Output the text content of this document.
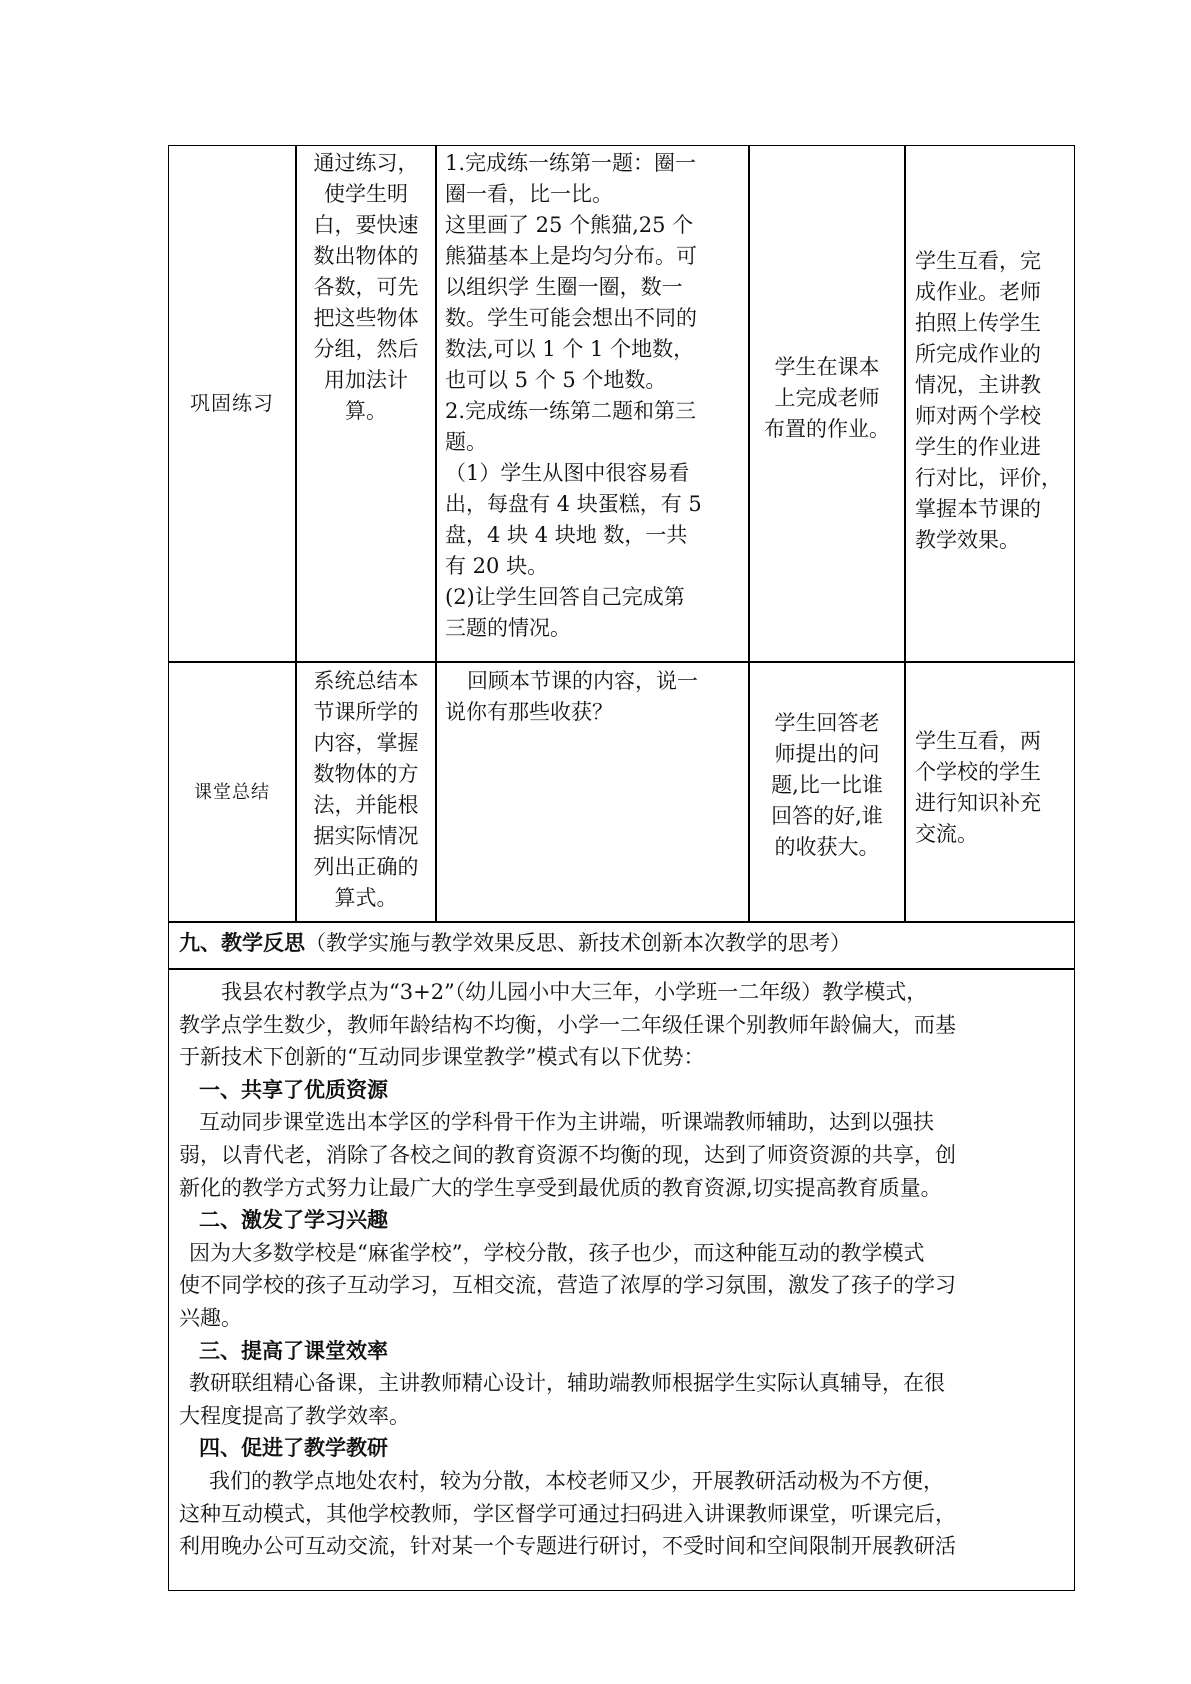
巩固练习
通过练习，
使学生明
白，要快速
数出物体的
各数，可先
把这些物体
分组，然后
用加法计
算。
1.完成练一练第一题：圈一
圈一看，比一比。
这里画了 25 个熊猫,25 个
熊猫基本上是均匀分布。可
以组织学 生圈一圈，数一
数。学生可能会想出不同的
数法,可以 1 个 1 个地数，
也可以 5 个 5 个地数。
2.完成练一练第二题和第三
题。
（1）学生从图中很容易看
出，每盘有 4 块蛋糕，有 5
盘，4 块 4 块地 数，一共
有 20 块。
(2)让学生回答自己完成第
三题的情况。
学生在课本
上完成老师
布置的作业。
学生互看，完
成作业。老师
拍照上传学生
所完成作业的
情况，主讲教
师对两个学校
学生的作业进
行对比，评价，
掌握本节课的
教学效果。
课堂总结
系统总结本
节课所学的
内容，掌握
数物体的方
法，并能根
据实际情况
列出正确的
算式。
回顾本节课的内容，说一
说你有那些收获？	学生回答老
师提出的问
题,比一比谁
回答的好,谁
的收获大。
学生互看，两
个学校的学生
进行知识补充
交流。
九、教学反思（教学实施与教学效果反思、新技术创新本次教学的思考）
我县农村教学点为“3+2”（幼儿园小中大三年，小学班一二年级）教学模式，
教学点学生数少，教师年龄结构不均衡，小学一二年级任课个别教师年龄偏大，而基
于新技术下创新的“互动同步课堂教学”模式有以下优势：
一、共享了优质资源
互动同步课堂选出本学区的学科骨干作为主讲端，听课端教师辅助，达到以强扶
弱，以青代老，消除了各校之间的教育资源不均衡的现，达到了师资资源的共享，创
新化的教学方式努力让最广大的学生享受到最优质的教育资源,切实提高教育质量。
二、激发了学习兴趣
因为大多数学校是“麻雀学校”，学校分散，孩子也少，而这种能互动的教学模式
使不同学校的孩子互动学习，互相交流，营造了浓厚的学习氛围，激发了孩子的学习
兴趣。
三、提高了课堂效率
教研联组精心备课，主讲教师精心设计，辅助端教师根据学生实际认真辅导，在很
大程度提高了教学效率。
四、促进了教学教研
我们的教学点地处农村，较为分散，本校老师又少，开展教研活动极为不方便，
这种互动模式，其他学校教师，学区督学可通过扫码进入讲课教师课堂，听课完后，
利用晚办公可互动交流，针对某一个专题进行研讨，不受时间和空间限制开展教研活
